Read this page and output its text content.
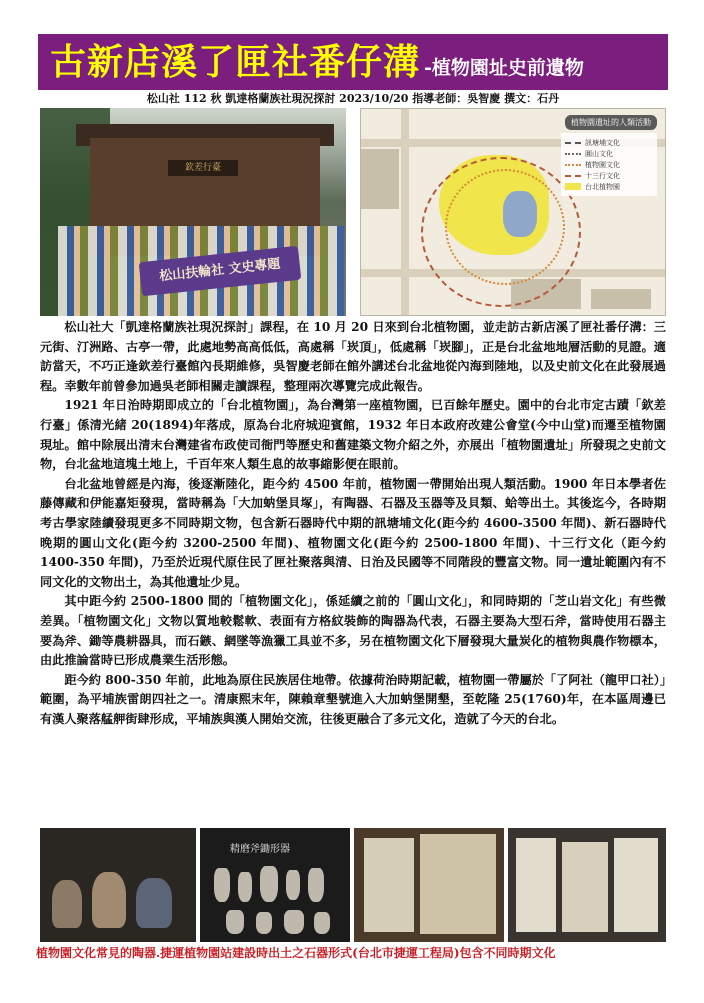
古新店溪了匣社番仔溝 -植物園址史前遺物
松山社 112 秋 凱達格蘭族社現況探討 2023/10/20 指導老師：吳智慶 撰文：石丹
欽差行臺
松山扶輪社 文史專題
植物園遺址的人類活動
訊塘埔文化
圓山文化
植物園文化
十三行文化
台北植物園

松山社大「凱達格蘭族社現況探討」課程，在 10 月 20 日來到台北植物園，並走訪古新店溪了匣社番仔溝：三元街、汀洲路、古亭一帶，此處地勢高高低低，高處稱「崁頂」，低處稱「崁腳」，正是台北盆地地層活動的見證。適訪當天，不巧正逢欽差行臺館內長期維修，吳智慶老師在館外講述台北盆地從內海到陸地，以及史前文化在此發展過程。幸數年前曾參加過吳老師相關走讀課程，整理兩次導覽完成此報告。

1921 年日治時期即成立的「台北植物園」，為台灣第一座植物園，已百餘年歷史。園中的台北市定古蹟「欽差行臺」係清光緒 20(1894)年落成，原為台北府城迎賓館，1932 年日本政府改建公會堂(今中山堂)而遷至植物園現址。館中除展出清末台灣建省布政使司衙門等歷史和舊建築文物介紹之外，亦展出「植物園遺址」所發現之史前文物，台北盆地這塊土地上，千百年來人類生息的故事縮影便在眼前。

台北盆地曾經是內海，後逐漸陸化，距今約 4500 年前，植物園一帶開始出現人類活動。1900 年日本學者佐藤傳藏和伊能嘉矩發現，當時稱為「大加蚋堡貝塚」，有陶器、石器及玉器等及貝類、蛤等出土。其後迄今，各時期考古學家陸續發現更多不同時期文物，包含新石器時代中期的訊塘埔文化(距今約 4600-3500 年間)、新石器時代晚期的圓山文化(距今約 3200-2500 年間)、植物園文化(距今約 2500-1800 年間)、十三行文化（距今約 1400-350 年間)，乃至於近現代原住民了匣社聚落與清、日治及民國等不同階段的豐富文物。同一遺址範圍內有不同文化的文物出土，為其他遺址少見。

其中距今約 2500-1800 間的「植物園文化」，係延續之前的「圓山文化」，和同時期的「芝山岩文化」有些微差異。「植物園文化」文物以質地較鬆軟、表面有方格紋裝飾的陶器為代表，石器主要為大型石斧，當時使用石器主要為斧、鋤等農耕器具，而石鏃、網墜等漁獵工具並不多，另在植物園文化下層發現大量炭化的植物與農作物標本，由此推論當時已形成農業生活形態。

距今約 800-350 年前，此地為原住民族居住地帶。依據荷治時期記載，植物園一帶屬於「了阿社（龍甲口社）」範圍，為平埔族雷朗四社之一。清康熙末年，陳賴章墾號進入大加蚋堡開墾，至乾隆 25(1760)年，在本區周邊已有漢人聚落艋舺街肆形成，平埔族與漢人開始交流，往後更融合了多元文化，造就了今天的台北。

精磨斧鋤形器
植物園文化常見的陶器.捷運植物園站建設時出土之石器形式(台北市捷運工程局)包含不同時期文化
